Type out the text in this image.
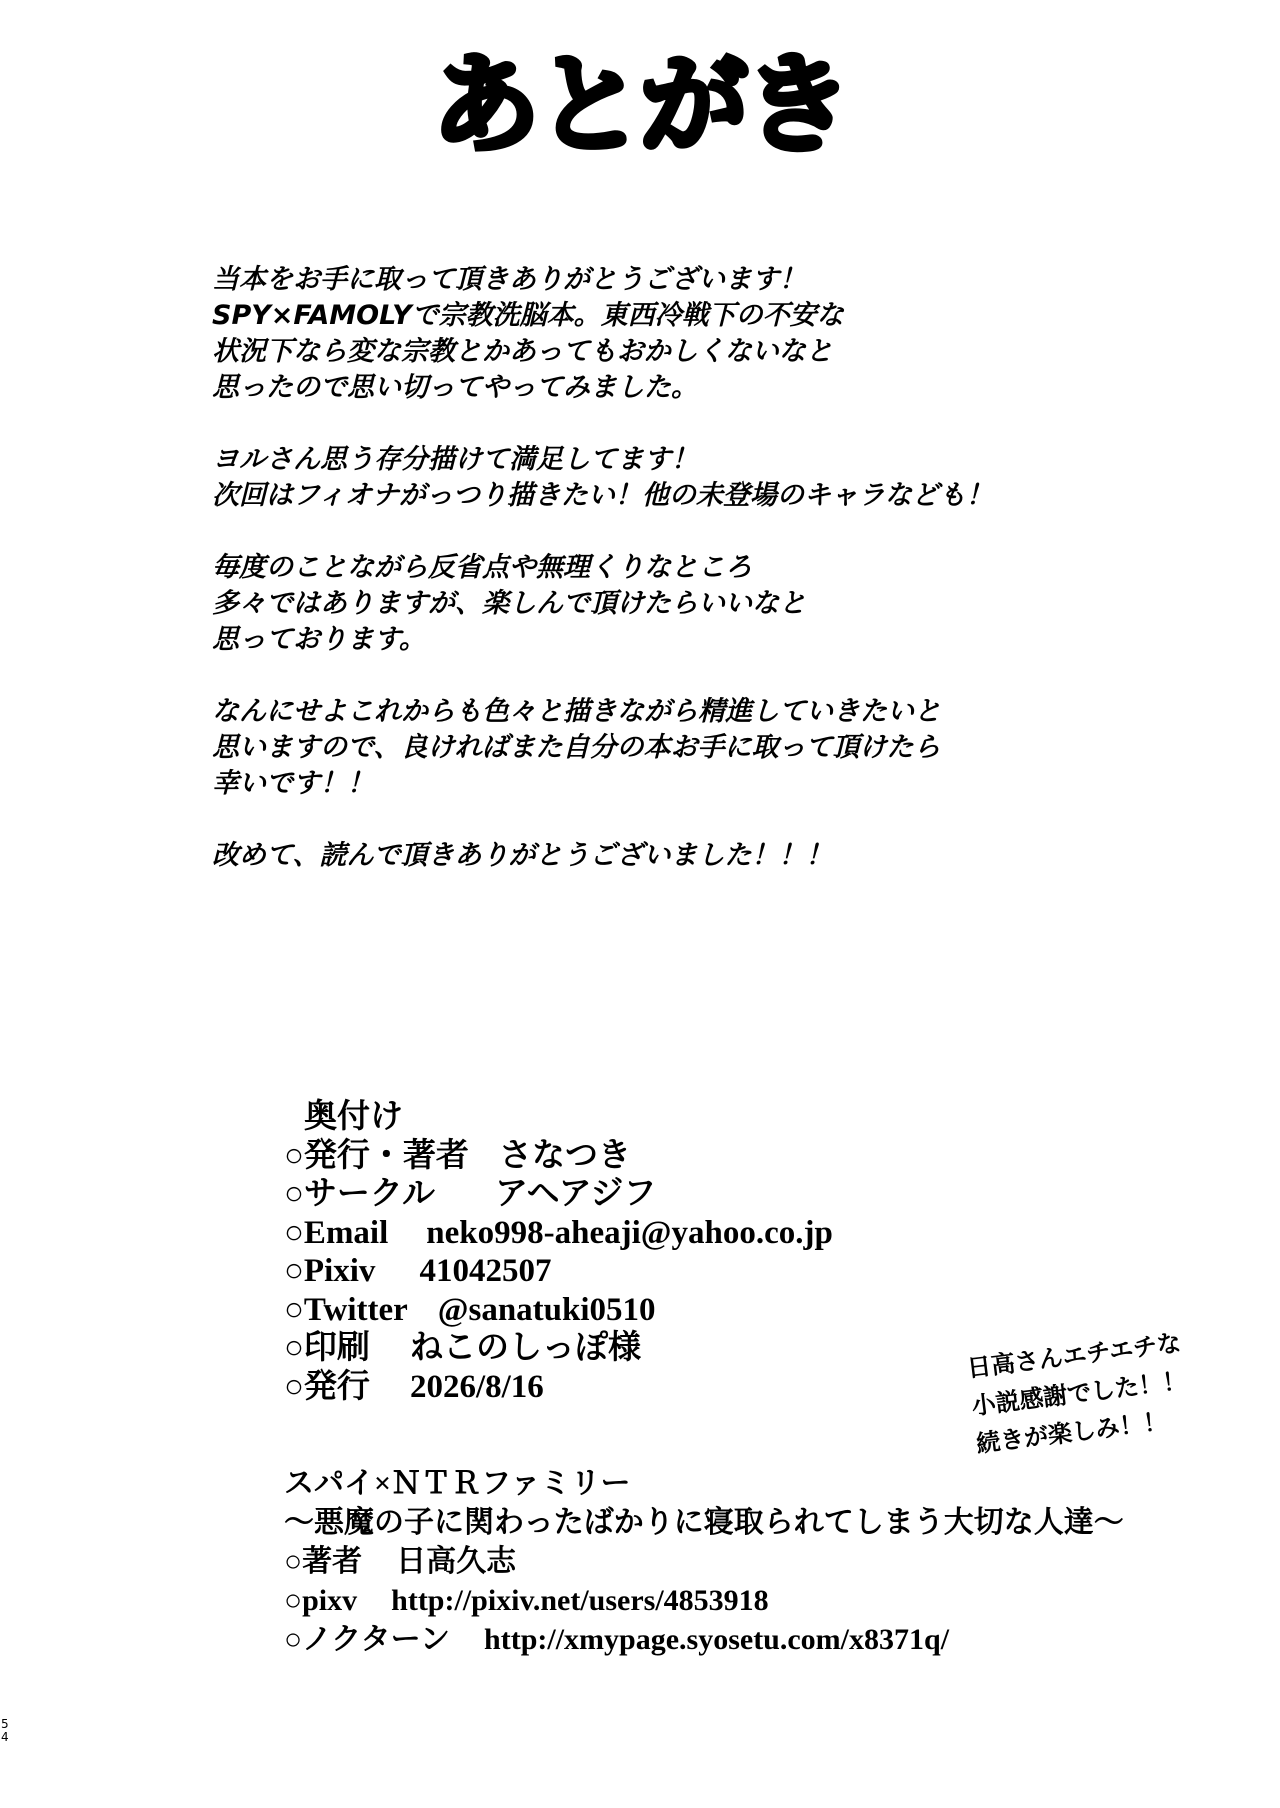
あとがき
当本をお手に取って頂きありがとうございます！
SPY×FAMOLYで宗教洗脳本。東西冷戦下の不安な
状況下なら変な宗教とかあってもおかしくないなと
思ったので思い切ってやってみました。
ヨルさん思う存分描けて満足してます！
次回はフィオナがっつり描きたい！他の未登場のキャラなども！
毎度のことながら反省点や無理くりなところ
多々ではありますが、楽しんで頂けたらいいなと
思っております。
なんにせよこれからも色々と描きながら精進していきたいと
思いますので、良ければまた自分の本お手に取って頂けたら
幸いです！！
改めて、読んで頂きありがとうございました！！！
奥付け
○発行・著者 さなつき
○サークル アヘアジフ
○Email neko998-aheaji@yahoo.co.jp
○Pixiv 41042507
○Twitter @sanatuki0510
○印刷 ねこのしっぽ様
○発行 2026/8/16
日高さんエチエチな
小説感謝でした！！
続きが楽しみ！！
スパイ×ＮＴＲファミリー
〜悪魔の子に関わったばかりに寝取られてしまう大切な人達〜
○著者 日高久志
○pixv http://pixiv.net/users/4853918
○ノクターン http://xmypage.syosetu.com/x8371q/
5
4
